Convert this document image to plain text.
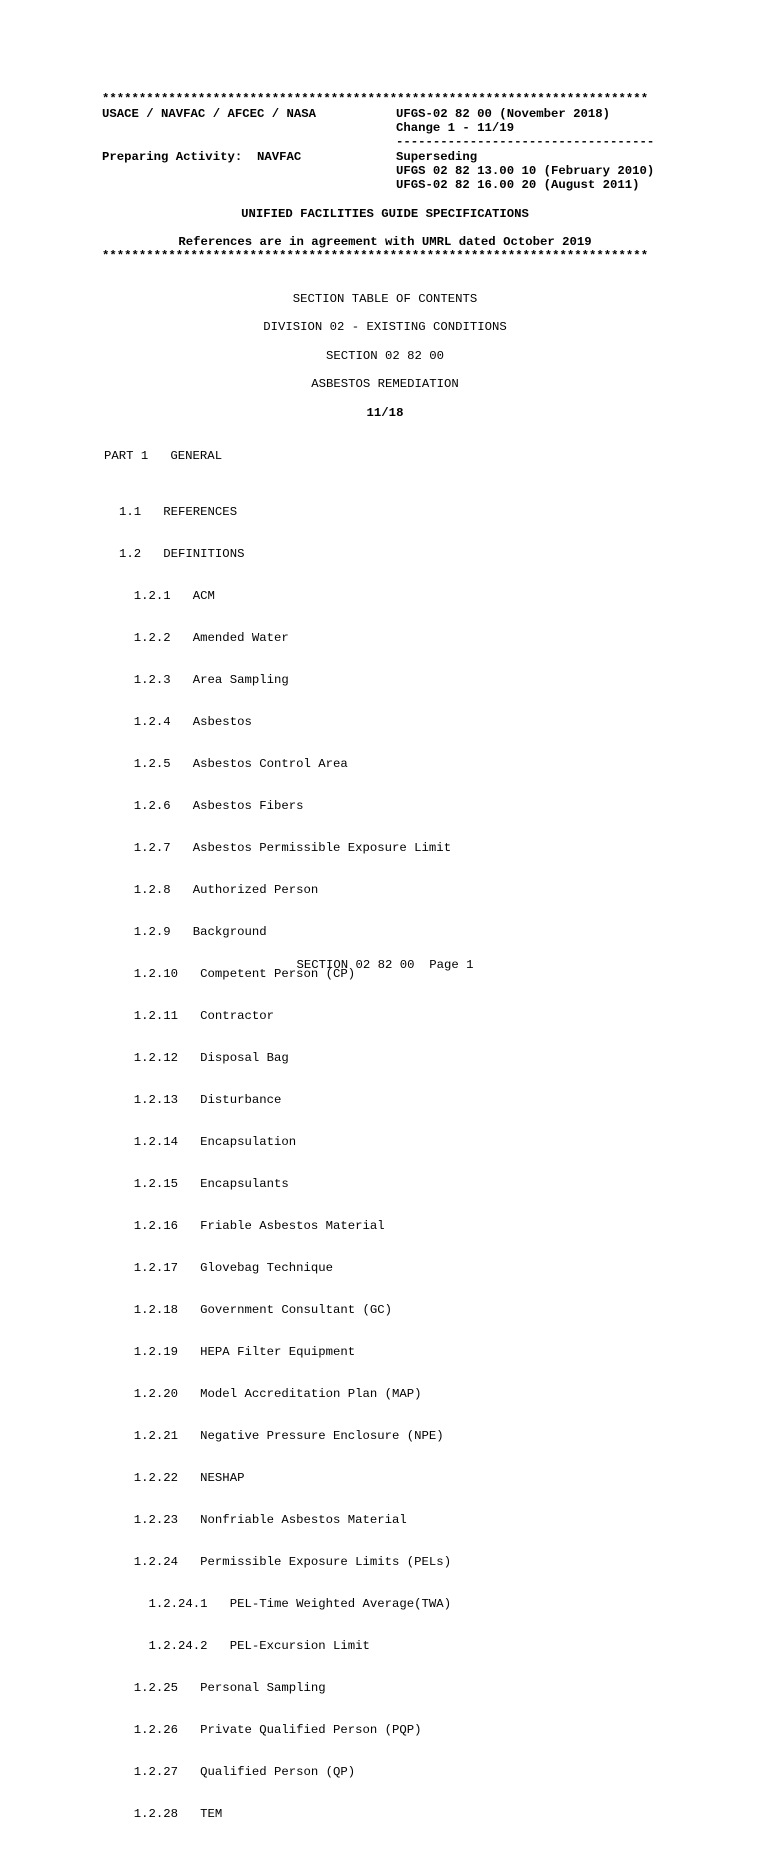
**************************************************************************
USACE / NAVFAC / AFCEC / NASA	UFGS-02 82 00 (November 2018)
Change 1 - 11/19
-----------------------------------
Preparing Activity:  NAVFAC	Superseding
UFGS 02 82 13.00 10 (February 2010)
UFGS-02 82 16.00 20 (August 2011)
UNIFIED FACILITIES GUIDE SPECIFICATIONS
References are in agreement with UMRL dated October 2019
**************************************************************************
SECTION TABLE OF CONTENTS
DIVISION 02 - EXISTING CONDITIONS
SECTION 02 82 00
ASBESTOS REMEDIATION
11/18
PART 1   GENERAL

1.1   REFERENCES

1.2   DEFINITIONS

1.2.1   ACM

1.2.2   Amended Water

1.2.3   Area Sampling

1.2.4   Asbestos

1.2.5   Asbestos Control Area

1.2.6   Asbestos Fibers

1.2.7   Asbestos Permissible Exposure Limit

1.2.8   Authorized Person

1.2.9   Background

1.2.10   Competent Person (CP)

1.2.11   Contractor

1.2.12   Disposal Bag

1.2.13   Disturbance

1.2.14   Encapsulation

1.2.15   Encapsulants

1.2.16   Friable Asbestos Material

1.2.17   Glovebag Technique

1.2.18   Government Consultant (GC)

1.2.19   HEPA Filter Equipment

1.2.20   Model Accreditation Plan (MAP)

1.2.21   Negative Pressure Enclosure (NPE)

1.2.22   NESHAP

1.2.23   Nonfriable Asbestos Material

1.2.24   Permissible Exposure Limits (PELs)

1.2.24.1   PEL-Time Weighted Average(TWA)

1.2.24.2   PEL-Excursion Limit

1.2.25   Personal Sampling

1.2.26   Private Qualified Person (PQP)

1.2.27   Qualified Person (QP)

1.2.28   TEM

SECTION 02 82 00  Page 1
